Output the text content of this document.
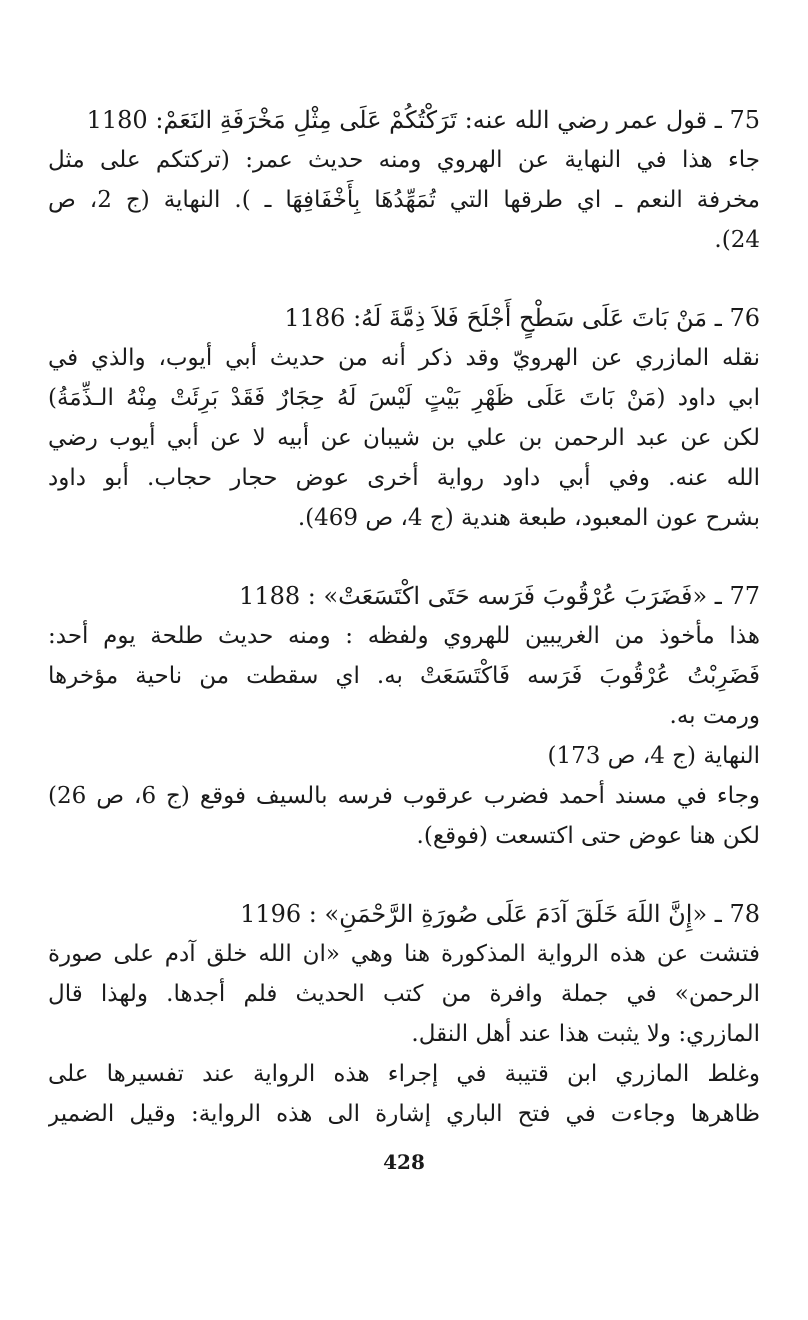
75 ـ قول عمر رضي الله عنه: تَرَكْتُكُمْ عَلَى مِثْلِ مَخْرَفَةِ النَعَمْ: 1180
جاء هذا في النهاية عن الهروي ومنه حديث عمر: (تركتكم على مثل
مخرفة النعم ـ اي طرقها التي تُمَهِّدُهَا بِأَخْفَافِهَا ـ ). النهاية (ج 2، ص
24).
76 ـ مَنْ بَاتَ عَلَى سَطْحٍ أَجْلَحَ فَلاَ ذِمَّةَ لَهُ: 1186
نقله المازري عن الهرويّ وقد ذكر أنه من حديث أبي أيوب، والذي في
ابي داود (مَنْ بَاتَ عَلَى ظَهْرِ بَيْتٍ لَيْسَ لَهُ حِجَارٌ فَقَدْ بَرِئَتْ مِنْهُ الـذِّمَةُ)
لكن عن عبد الرحمن بن علي بن شيبان عن أبيه لا عن أبي أيوب رضي
الله عنه. وفي أبي داود رواية أخرى عوض حجار حجاب. أبو داود
بشرح عون المعبود، طبعة هندية (ج 4، ص 469).
77 ـ «فَضَرَبَ عُرْقُوبَ فَرَسه حَتَى اكْتَسَعَتْ» : 1188
هذا مأخوذ من الغريبين للهروي ولفظه : ومنه حديث طلحة يوم أحد:
فَضَرِبْتُ عُرْقُوبَ فَرَسه فَاكْتَسَعَتْ به. اي سقطت من ناحية مؤخرها
ورمت به.
النهاية (ج 4، ص 173)
وجاء في مسند أحمد فضرب عرقوب فرسه بالسيف فوقع (ج 6، ص 26)
لكن هنا عوض حتى اكتسعت (فوقع).
78 ـ «إِنَّ اللَهَ خَلَقَ آدَمَ عَلَى صُورَةِ الرَّحْمَنِ» : 1196
فتشت عن هذه الرواية المذكورة هنا وهي «ان الله خلق آدم على صورة
الرحمن» في جملة وافرة من كتب الحديث فلم أجدها. ولهذا قال
المازري: ولا يثبت هذا عند أهل النقل.
وغلط المازري ابن قتيبة في إجراء هذه الرواية عند تفسيرها على
ظاهرها وجاءت في فتح الباري إشارة الى هذه الرواية: وقيل الضمير
428
